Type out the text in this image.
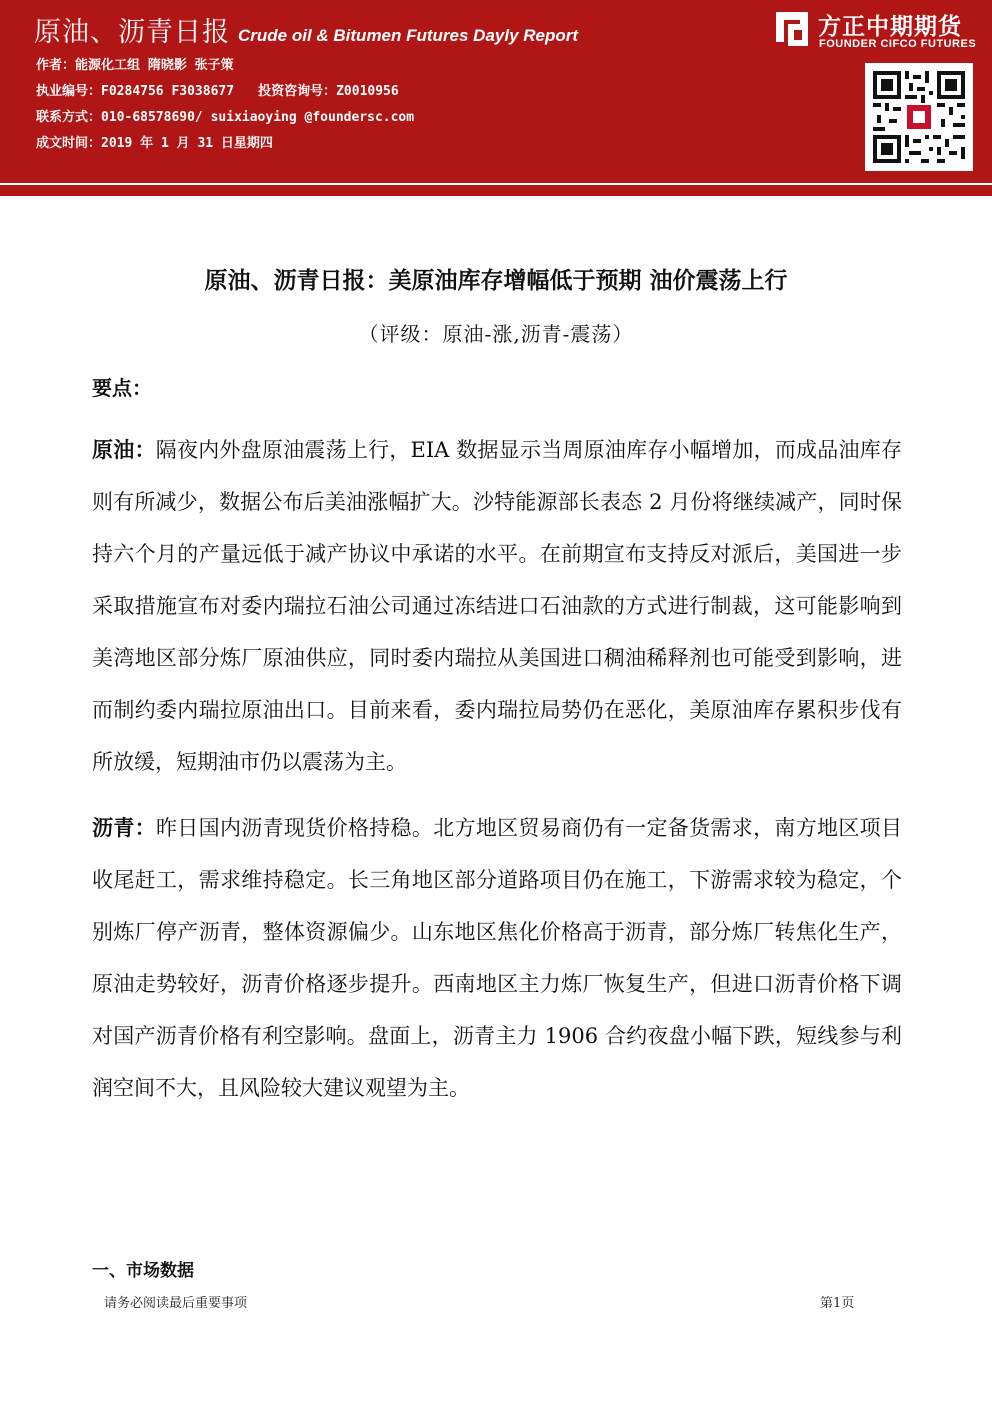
原油、沥青日报 Crude oil & Bitumen Futures Dayly Report	方正中期期货
FOUNDER CIFCO FUTURES
作者：能源化工组 隋晓影 张子策
执业编号：F0284756 F3038677 投资咨询号：Z0010956
联系方式：010-68578690/ suixiaoying @foundersc.com
成文时间：2019 年 1 月 31 日星期四
原油、沥青日报：美原油库存增幅低于预期 油价震荡上行
（评级：原油-涨,沥青-震荡）
要点：
原油：隔夜内外盘原油震荡上行，EIA 数据显示当周原油库存小幅增加，而成品油库存则有所减少，数据公布后美油涨幅扩大。沙特能源部长表态 2 月份将继续减产，同时保持六个月的产量远低于减产协议中承诺的水平。在前期宣布支持反对派后，美国进一步采取措施宣布对委内瑞拉石油公司通过冻结进口石油款的方式进行制裁，这可能影响到美湾地区部分炼厂原油供应，同时委内瑞拉从美国进口稠油稀释剂也可能受到影响，进而制约委内瑞拉原油出口。目前来看，委内瑞拉局势仍在恶化，美原油库存累积步伐有所放缓，短期油市仍以震荡为主。
沥青：昨日国内沥青现货价格持稳。北方地区贸易商仍有一定备货需求，南方地区项目收尾赶工，需求维持稳定。长三角地区部分道路项目仍在施工，下游需求较为稳定，个别炼厂停产沥青，整体资源偏少。山东地区焦化价格高于沥青，部分炼厂转焦化生产，原油走势较好，沥青价格逐步提升。西南地区主力炼厂恢复生产，但进口沥青价格下调对国产沥青价格有利空影响。盘面上，沥青主力 1906 合约夜盘小幅下跌，短线参与利润空间不大，且风险较大建议观望为主。
一、市场数据
请务必阅读最后重要事项	第1页
